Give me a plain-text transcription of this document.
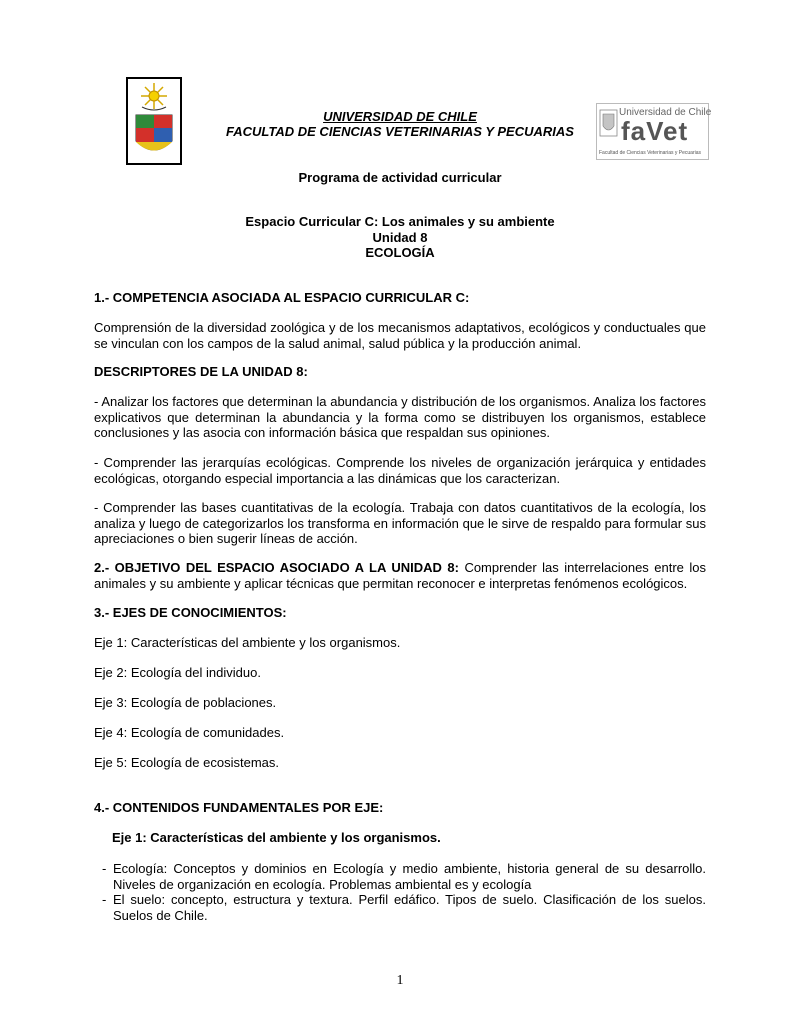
Universidad de Chile
faVet
Facultad de Ciencias Veterinarias y Pecuarias
UNIVERSIDAD DE CHILE
FACULTAD DE CIENCIAS VETERINARIAS Y PECUARIAS

Programa de actividad curricular

Espacio Curricular C: Los animales y su ambiente
Unidad 8
ECOLOGÍA

1.- COMPETENCIA ASOCIADA AL ESPACIO CURRICULAR C:

Comprensión de la diversidad zoológica y de los mecanismos adaptativos, ecológicos y conductuales que se vinculan con los campos de la salud animal, salud pública y la producción animal.

DESCRIPTORES DE LA UNIDAD 8:

- Analizar los factores que determinan la abundancia y distribución de los organismos. Analiza los factores explicativos que determinan la abundancia y la forma como se distribuyen los organismos, establece conclusiones y las asocia con información básica que respaldan sus opiniones.

- Comprender las jerarquías ecológicas. Comprende los niveles de organización jerárquica y entidades ecológicas, otorgando especial importancia a las dinámicas que los caracterizan.

- Comprender las bases cuantitativas de la ecología. Trabaja con datos cuantitativos de la ecología, los analiza y luego de categorizarlos los transforma en información que le sirve de respaldo para formular sus apreciaciones o bien sugerir líneas de acción.

2.- OBJETIVO DEL ESPACIO ASOCIADO A LA UNIDAD 8: Comprender las interrelaciones entre los animales y su ambiente y aplicar técnicas que permitan reconocer e interpretas fenómenos ecológicos.

3.- EJES DE CONOCIMIENTOS:

Eje 1: Características del ambiente y los organismos.

Eje 2: Ecología del individuo.

Eje 3: Ecología de poblaciones.

Eje 4: Ecología de comunidades.

Eje 5: Ecología de ecosistemas.

4.- CONTENIDOS FUNDAMENTALES POR EJE:

Eje 1: Características del ambiente y los organismos.

- Ecología: Conceptos y dominios en Ecología y medio ambiente, historia general de su desarrollo. Niveles de organización en ecología. Problemas ambiental es y ecología
- El suelo: concepto, estructura y textura. Perfil edáfico. Tipos de suelo. Clasificación de los suelos. Suelos de Chile.
1
